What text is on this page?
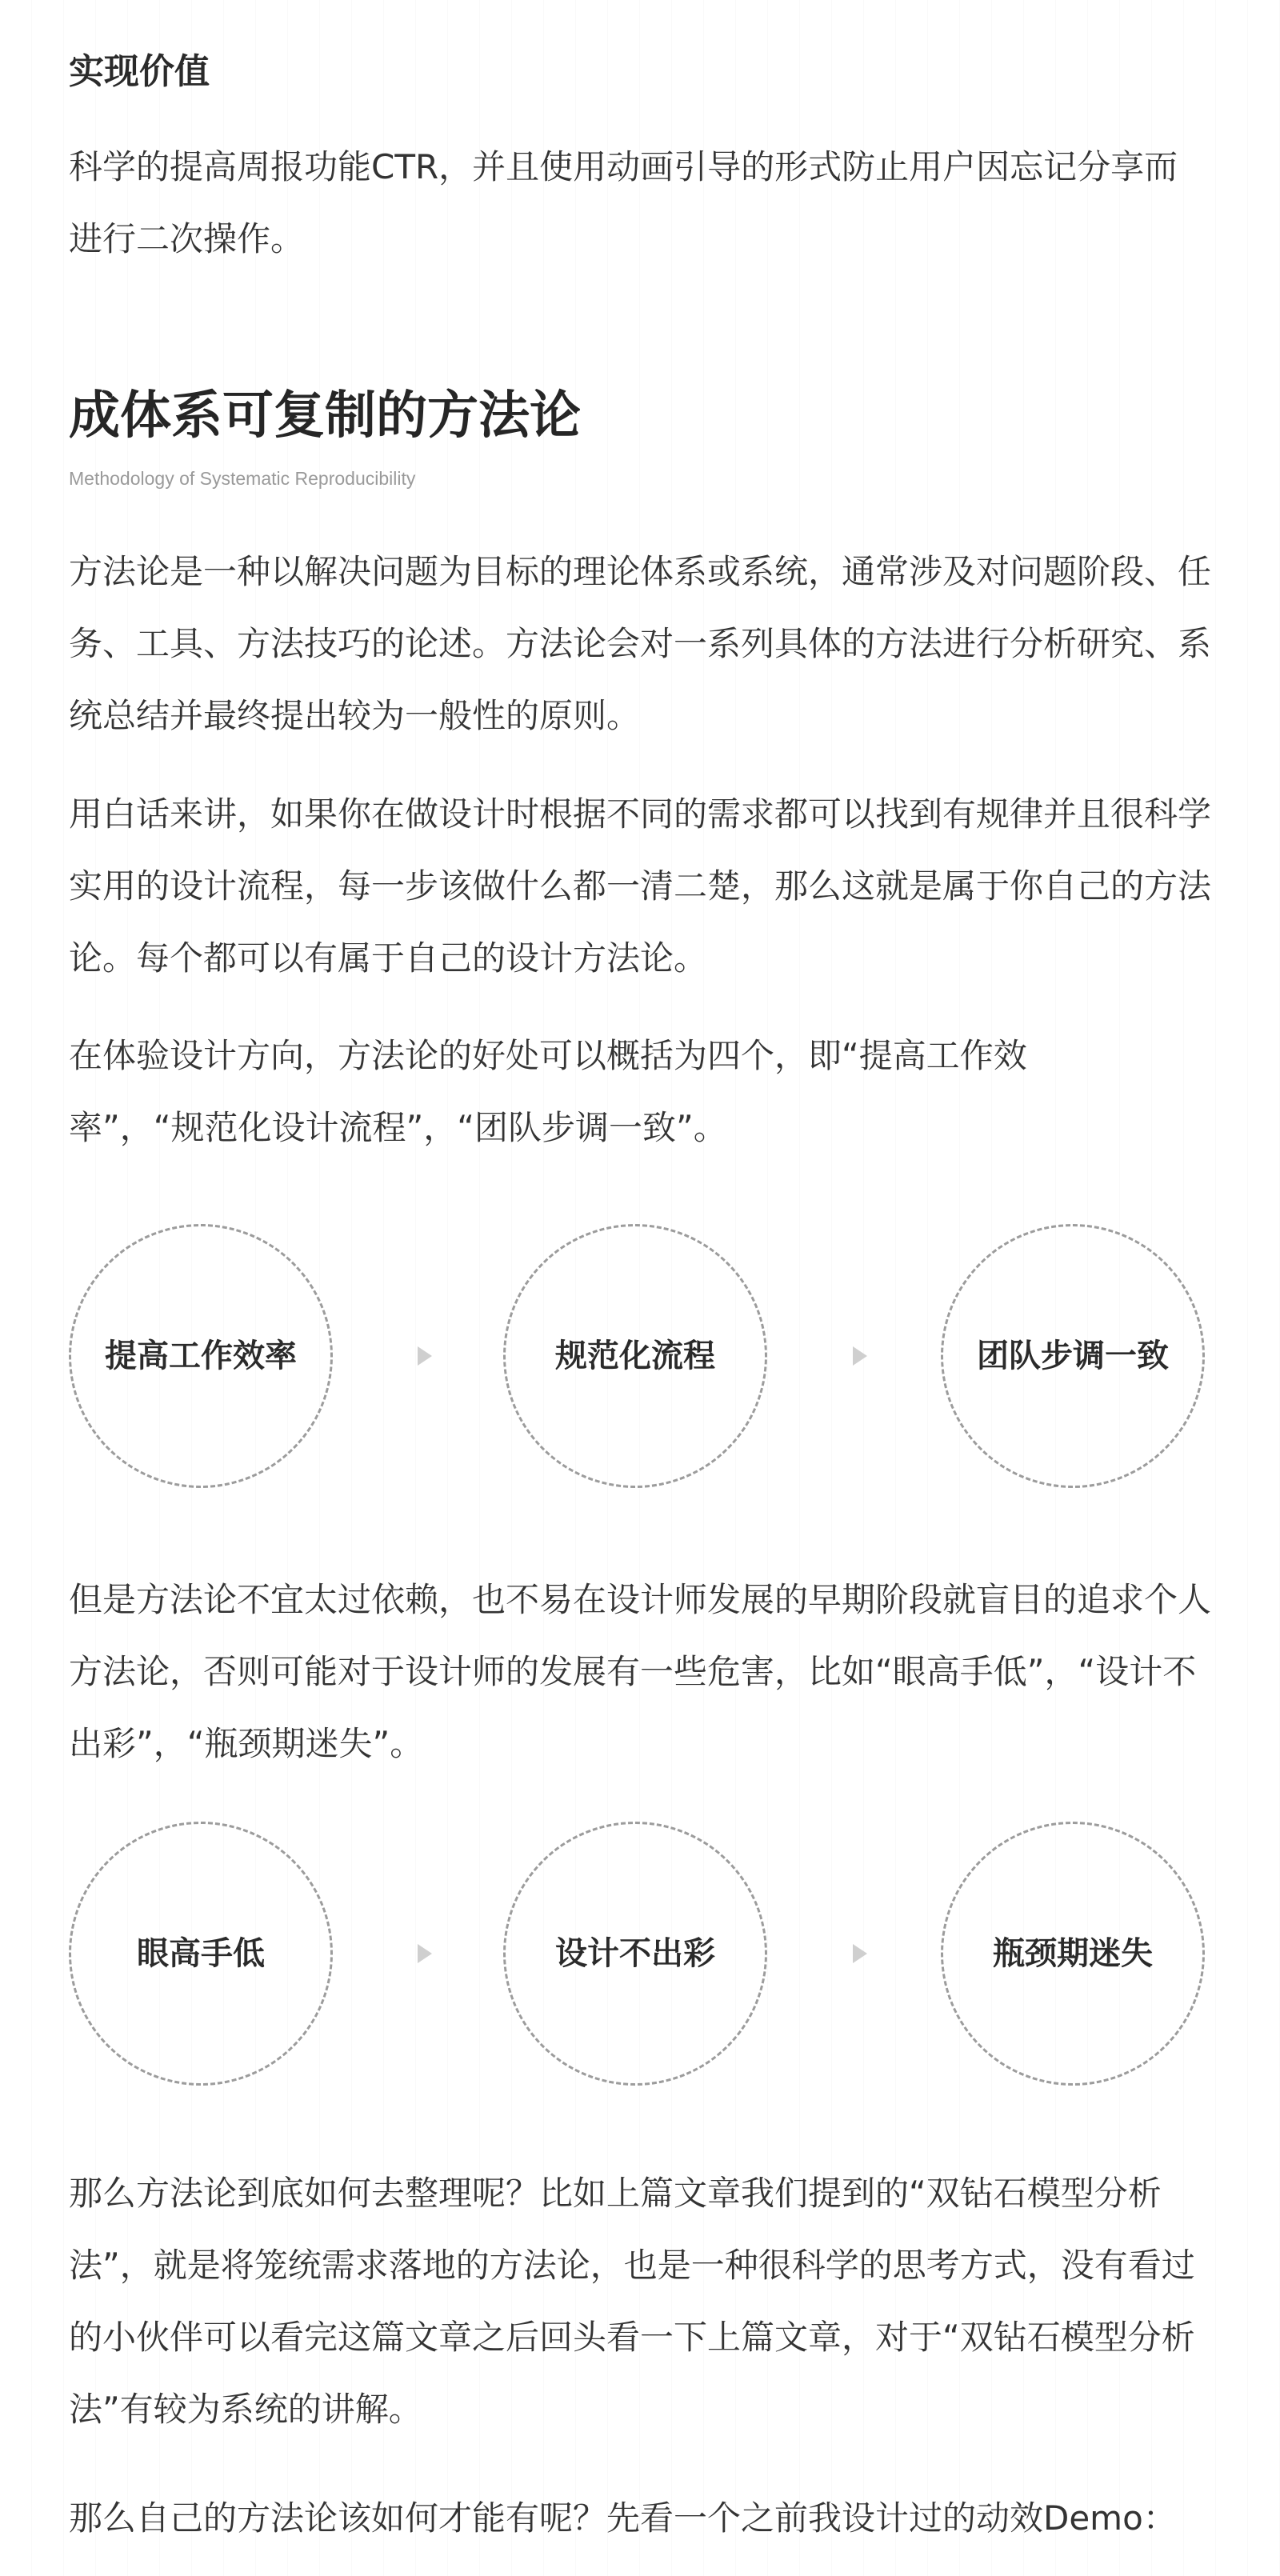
实现价值

科学的提高周报功能CTR，并且使用动画引导的形式防止用户因忘记分享而进行二次操作。

成体系可复制的方法论
Methodology of Systematic Reproducibility

方法论是一种以解决问题为目标的理论体系或系统，通常涉及对问题阶段、任务、工具、方法技巧的论述。方法论会对一系列具体的方法进行分析研究、系统总结并最终提出较为一般性的原则。

用白话来讲，如果你在做设计时根据不同的需求都可以找到有规律并且很科学实用的设计流程，每一步该做什么都一清二楚，那么这就是属于你自己的方法论。每个都可以有属于自己的设计方法论。

在体验设计方向，方法论的好处可以概括为四个，即“提高工作效率”，“规范化设计流程”，“团队步调一致”。

提高工作效率	规范化流程	团队步调一致

但是方法论不宜太过依赖，也不易在设计师发展的早期阶段就盲目的追求个人方法论，否则可能对于设计师的发展有一些危害，比如“眼高手低”，“设计不出彩”，“瓶颈期迷失”。

眼高手低	设计不出彩	瓶颈期迷失

那么方法论到底如何去整理呢？比如上篇文章我们提到的“双钻石模型分析法”，就是将笼统需求落地的方法论，也是一种很科学的思考方式，没有看过的小伙伴可以看完这篇文章之后回头看一下上篇文章，对于“双钻石模型分析法”有较为系统的讲解。

那么自己的方法论该如何才能有呢？先看一个之前我设计过的动效Demo：
